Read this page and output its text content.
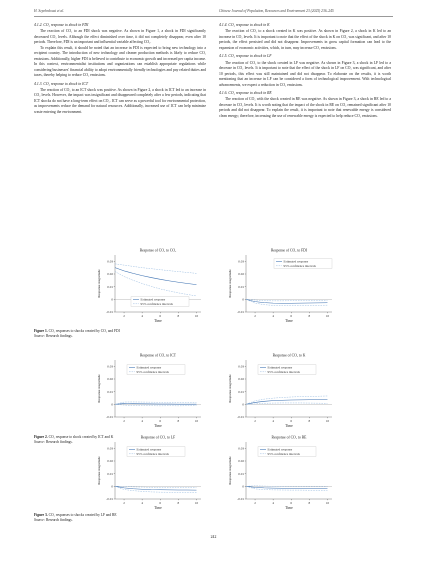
H. Sepehrdoust et al.	Chinese Journal of Population, Resources and Environment 23 (2025) 236–245
4.1.2. CO₂ response to shock in FDI

The reaction of CO₂ to an FDI shock was negative. As shown in Figure 1, a shock in FDI significantly decreased CO₂ levels. Although the effect diminished over time, it did not completely disappear, even after 10 periods. Therefore, FDI is an important and influential variable affecting CO₂.

To explain this result, it should be noted that an increase in FDI is expected to bring new technology into a recipient country. The introduction of new technology and cleaner production methods is likely to reduce CO₂ emissions. Additionally, higher FDI is believed to contribute to economic growth and increased per capita income. In this context, environmentalist institutions and organizations can establish appropriate regulations while considering businesses' financial ability to adopt environmentally friendly technologies and pay related duties and taxes, thereby helping to reduce CO₂ emissions.

4.1.3. CO₂ response to shock in ICT

The reaction of CO₂ to an ICT shock was positive. As shown in Figure 2, a shock in ICT led to an increase in CO₂ levels. However, the impact was insignificant and disappeared completely after a few periods, indicating that ICT shocks do not have a long-term effect on CO₂. ICT can serve as a powerful tool for environmental protection, as improvements reduce the demand for natural resources. Additionally, increased use of ICT can help minimize waste entering the environment.

4.1.4. CO₂ response to shock in K

The reaction of CO₂ to a shock created in K was positive. As shown in Figure 2, a shock in K led to an increase in CO₂ levels. It is important to note that the effect of the shock in K on CO₂ was significant, and after 10 periods, the effect persisted and did not disappear. Improvements in gross capital formation can lead to the expansion of economic activities, which, in turn, may increase CO₂ emissions.

4.1.5. CO₂ response to shock in LF

The reaction of CO₂ to the shock created in LF was negative. As shown in Figure 3, a shock in LF led to a decrease in CO₂ levels. It is important to note that the effect of the shock in LF on CO₂ was significant, and after 10 periods, this effect was still maintained and did not disappear. To elaborate on the results, it is worth mentioning that an increase in LF can be considered a form of technological improvement. With technological advancements, we expect a reduction in CO₂ emissions.

4.1.6. CO₂ response to shock in RE

The reaction of CO₂ with the shock created in RE was negative. As shown in Figure 3, a shock in RE led to a decrease in CO₂ levels. It is worth noting that the impact of the shock in RE on CO₂ remained significant after 10 periods and did not disappear. To explain the result, it is important to note that renewable energy is considered clean energy; therefore, increasing the use of renewable energy is expected to help reduce CO₂ emissions.

Response of CO₂ to CO₂
-0.01
0
0.01
0.02
0.03
2	4	6	8	10
Time
Response magnitude
Estimated response
95% confidence intervals
Response of CO₂ to FDI
-0.01
0
0.01
0.02
0.03
2	4	6	8	10
Time
Response magnitude
Estimated response
95% confidence intervals
Figure 1. CO₂ responses to shocks created by CO₂ and FDI
Source: Research findings.
Response of CO₂ to ICT
-0.01
0
0.01
0.02
0.03
2	4	6	8	10
Time
Response magnitude
Estimated response
95% confidence intervals
Response of CO₂ to K
-0.01
0
0.01
0.02
0.03
2	4	6	8	10
Time
Response magnitude
Estimated response
95% confidence intervals
Figure 2. CO₂ response to shock created by ICT and K
Source: Research findings.
Response of CO₂ to LF
-0.01
0
0.01
0.02
0.03
2	4	6	8	10
Time
Response magnitude
Estimated response
95% confidence intervals
Response of CO₂ to RE
-0.01
0
0.01
0.02
0.03
2	4	6	8	10
Time
Response magnitude
Estimated response
95% confidence intervals
Figure 3. CO₂ responses to shocks created by LF and RE
Source: Research findings.
242
